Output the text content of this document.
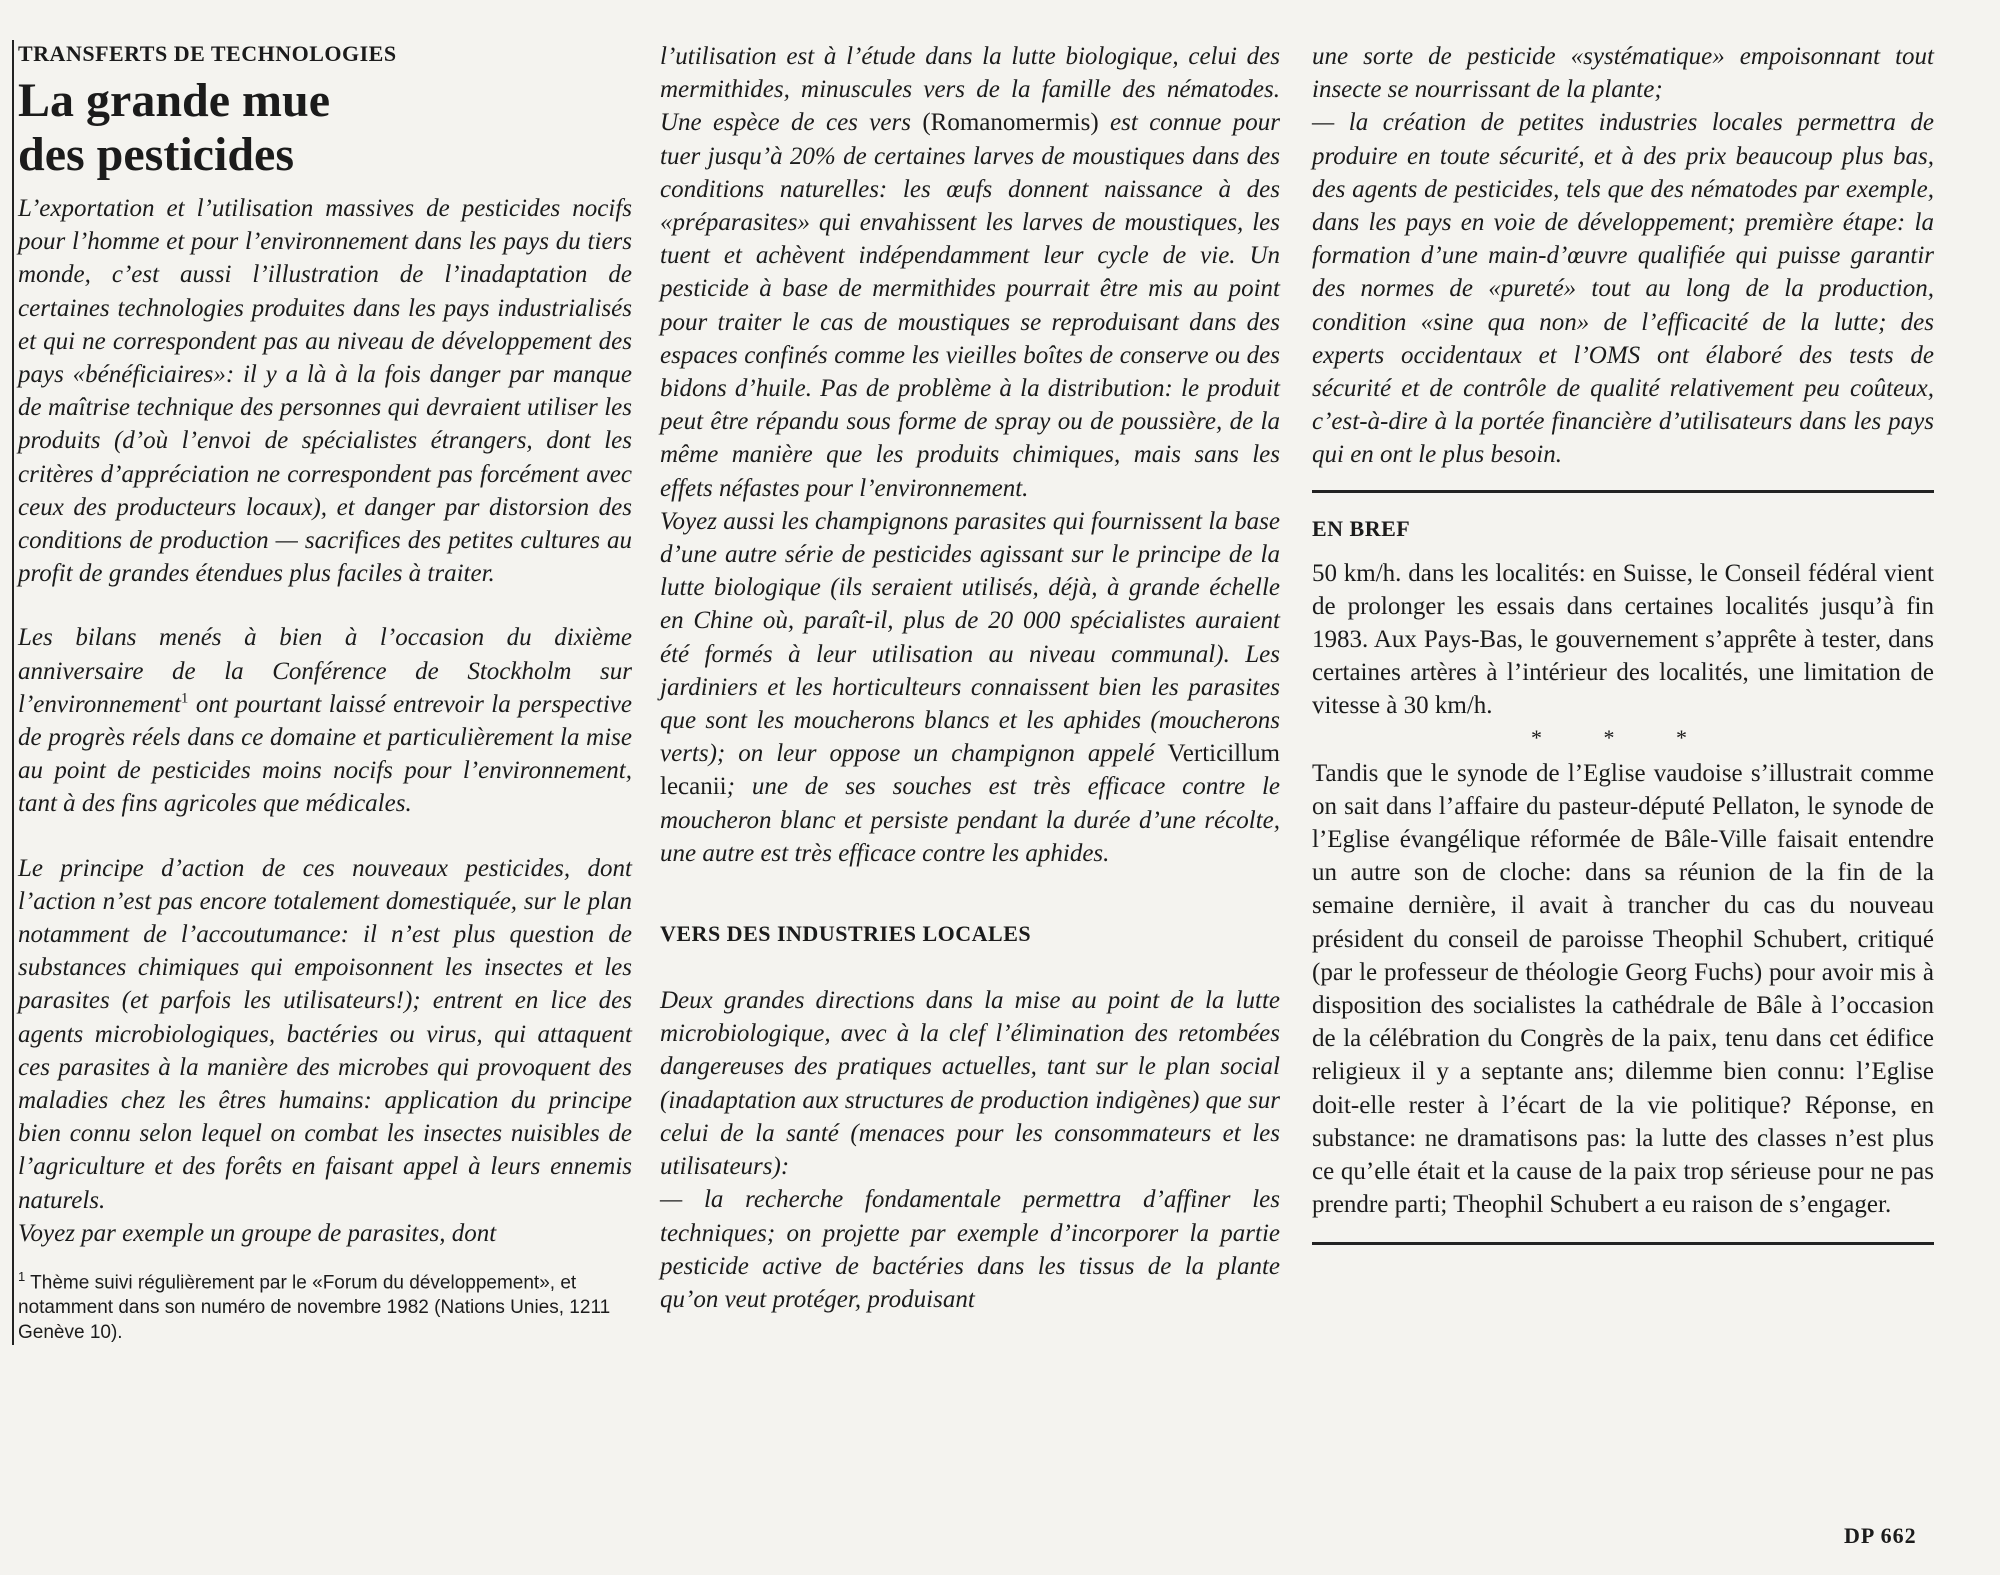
TRANSFERTS DE TECHNOLOGIES
La grande mue
des pesticides

L’exportation et l’utilisation massives de pesticides nocifs pour l’homme et pour l’environnement dans les pays du tiers monde, c’est aussi l’illustration de l’inadaptation de certaines technologies produites dans les pays industrialisés et qui ne correspondent pas au niveau de développement des pays «bénéficiaires»: il y a là à la fois danger par manque de maîtrise technique des personnes qui devraient utiliser les produits (d’où l’envoi de spécialistes étrangers, dont les critères d’appréciation ne correspondent pas forcément avec ceux des producteurs locaux), et danger par distorsion des conditions de production — sacrifices des petites cultures au profit de grandes étendues plus faciles à traiter.

Les bilans menés à bien à l’occasion du dixième anniversaire de la Conférence de Stockholm sur l’environnement$^1$ ont pourtant laissé entrevoir la perspective de progrès réels dans ce domaine et particulièrement la mise au point de pesticides moins nocifs pour l’environnement, tant à des fins agricoles que médicales.

Le principe d’action de ces nouveaux pesticides, dont l’action n’est pas encore totalement domestiquée, sur le plan notamment de l’accoutumance: il n’est plus question de substances chimiques qui empoisonnent les insectes et les parasites (et parfois les utilisateurs!); entrent en lice des agents microbiologiques, bactéries ou virus, qui attaquent ces parasites à la manière des microbes qui provoquent des maladies chez les êtres humains: application du principe bien connu selon lequel on combat les insectes nuisibles de l’agriculture et des forêts en faisant appel à leurs ennemis naturels.

Voyez par exemple un groupe de parasites, dont

$^1$ Thème suivi régulièrement par le «Forum du développement», et notamment dans son numéro de novembre 1982 (Nations Unies, 1211 Genève 10).

l’utilisation est à l’étude dans la lutte biologique, celui des mermithides, minuscules vers de la famille des nématodes. Une espèce de ces vers (Romanomermis) est connue pour tuer jusqu’à 20% de certaines larves de moustiques dans des conditions naturelles: les œufs donnent naissance à des «préparasites» qui envahissent les larves de moustiques, les tuent et achèvent indépendamment leur cycle de vie. Un pesticide à base de mermithides pourrait être mis au point pour traiter le cas de moustiques se reproduisant dans des espaces confinés comme les vieilles boîtes de conserve ou des bidons d’huile. Pas de problème à la distribution: le produit peut être répandu sous forme de spray ou de poussière, de la même manière que les produits chimiques, mais sans les effets néfastes pour l’environnement.

Voyez aussi les champignons parasites qui fournissent la base d’une autre série de pesticides agissant sur le principe de la lutte biologique (ils seraient utilisés, déjà, à grande échelle en Chine où, paraît-il, plus de 20 000 spécialistes auraient été formés à leur utilisation au niveau communal). Les jardiniers et les horticulteurs connaissent bien les parasites que sont les moucherons blancs et les aphides (moucherons verts); on leur oppose un champignon appelé Verticillum lecanii; une de ses souches est très efficace contre le moucheron blanc et persiste pendant la durée d’une récolte, une autre est très efficace contre les aphides.

VERS DES INDUSTRIES LOCALES

Deux grandes directions dans la mise au point de la lutte microbiologique, avec à la clef l’élimination des retombées dangereuses des pratiques actuelles, tant sur le plan social (inadaptation aux structures de production indigènes) que sur celui de la santé (menaces pour les consommateurs et les utilisateurs):

— la recherche fondamentale permettra d’affiner les techniques; on projette par exemple d’incorporer la partie pesticide active de bactéries dans les tissus de la plante qu’on veut protéger, produisant

une sorte de pesticide «systématique» empoisonnant tout insecte se nourrissant de la plante;

— la création de petites industries locales permettra de produire en toute sécurité, et à des prix beaucoup plus bas, des agents de pesticides, tels que des nématodes par exemple, dans les pays en voie de développement; première étape: la formation d’une main-d’œuvre qualifiée qui puisse garantir des normes de «pureté» tout au long de la production, condition «sine qua non» de l’efficacité de la lutte; des experts occidentaux et l’OMS ont élaboré des tests de sécurité et de contrôle de qualité relativement peu coûteux, c’est-à-dire à la portée financière d’utilisateurs dans les pays qui en ont le plus besoin.

EN BREF

50 km/h. dans les localités: en Suisse, le Conseil fédéral vient de prolonger les essais dans certaines localités jusqu’à fin 1983. Aux Pays-Bas, le gouvernement s’apprête à tester, dans certaines artères à l’intérieur des localités, une limitation de vitesse à 30 km/h.

* * *

Tandis que le synode de l’Eglise vaudoise s’illustrait comme on sait dans l’affaire du pasteur-député Pellaton, le synode de l’Eglise évangélique réformée de Bâle-Ville faisait entendre un autre son de cloche: dans sa réunion de la fin de la semaine dernière, il avait à trancher du cas du nouveau président du conseil de paroisse Theophil Schubert, critiqué (par le professeur de théologie Georg Fuchs) pour avoir mis à disposition des socialistes la cathédrale de Bâle à l’occasion de la célébration du Congrès de la paix, tenu dans cet édifice religieux il y a septante ans; dilemme bien connu: l’Eglise doit-elle rester à l’écart de la vie politique? Réponse, en substance: ne dramatisons pas: la lutte des classes n’est plus ce qu’elle était et la cause de la paix trop sérieuse pour ne pas prendre parti; Theophil Schubert a eu raison de s’engager.

DP 662
